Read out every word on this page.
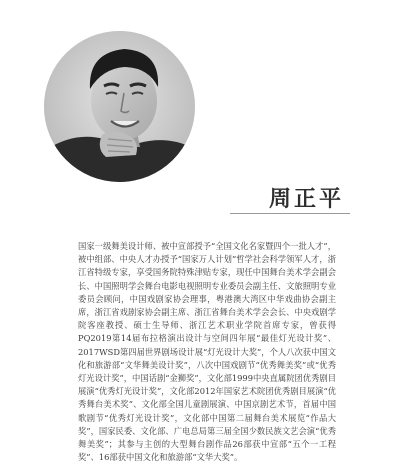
周正平
国家一级舞美设计师、被中宣部授予“全国文化名家暨四个一批人才”，被中组部、中央人才办授予“国家万人计划”哲学社会科学领军人才，浙江省特级专家，享受国务院特殊津贴专家，现任中国舞台美术学会副会长、中国照明学会舞台电影电视照明专业委员会副主任、文旅照明专业委员会顾问，中国戏剧家协会理事，粤港澳大湾区中华戏曲协会副主席，浙江省戏剧家协会副主席、浙江省舞台美术学会会长、中央戏剧学院客座教授、硕士生导师、浙江艺术职业学院首席专家，曾获得PQ2019第14届布拉格演出设计与空间四年展“最佳灯光设计奖”、2017WSD第四届世界剧场设计展“灯光设计大奖”，个人八次获中国文化和旅游部“文华舞美设计奖”，八次中国戏剧节“优秀舞美奖”或“优秀灯光设计奖”，中国话剧“金狮奖”，文化部1999中央直属院团优秀剧目展演“优秀灯光设计奖”，文化部2012年国家艺术院团优秀剧目展演“优秀舞台美术奖”、文化部全国儿童剧展演、中国京剧艺术节，首届中国歌剧节“优秀灯光设计奖”，文化部中国第二届舞台美术展览“作品大奖”，国家民委、文化部、广电总局第三届全国少数民族文艺会演“优秀舞美奖”；其参与主创的大型舞台剧作品26部获中宣部“五个一工程奖”、16部获中国文化和旅游部“文华大奖”。
